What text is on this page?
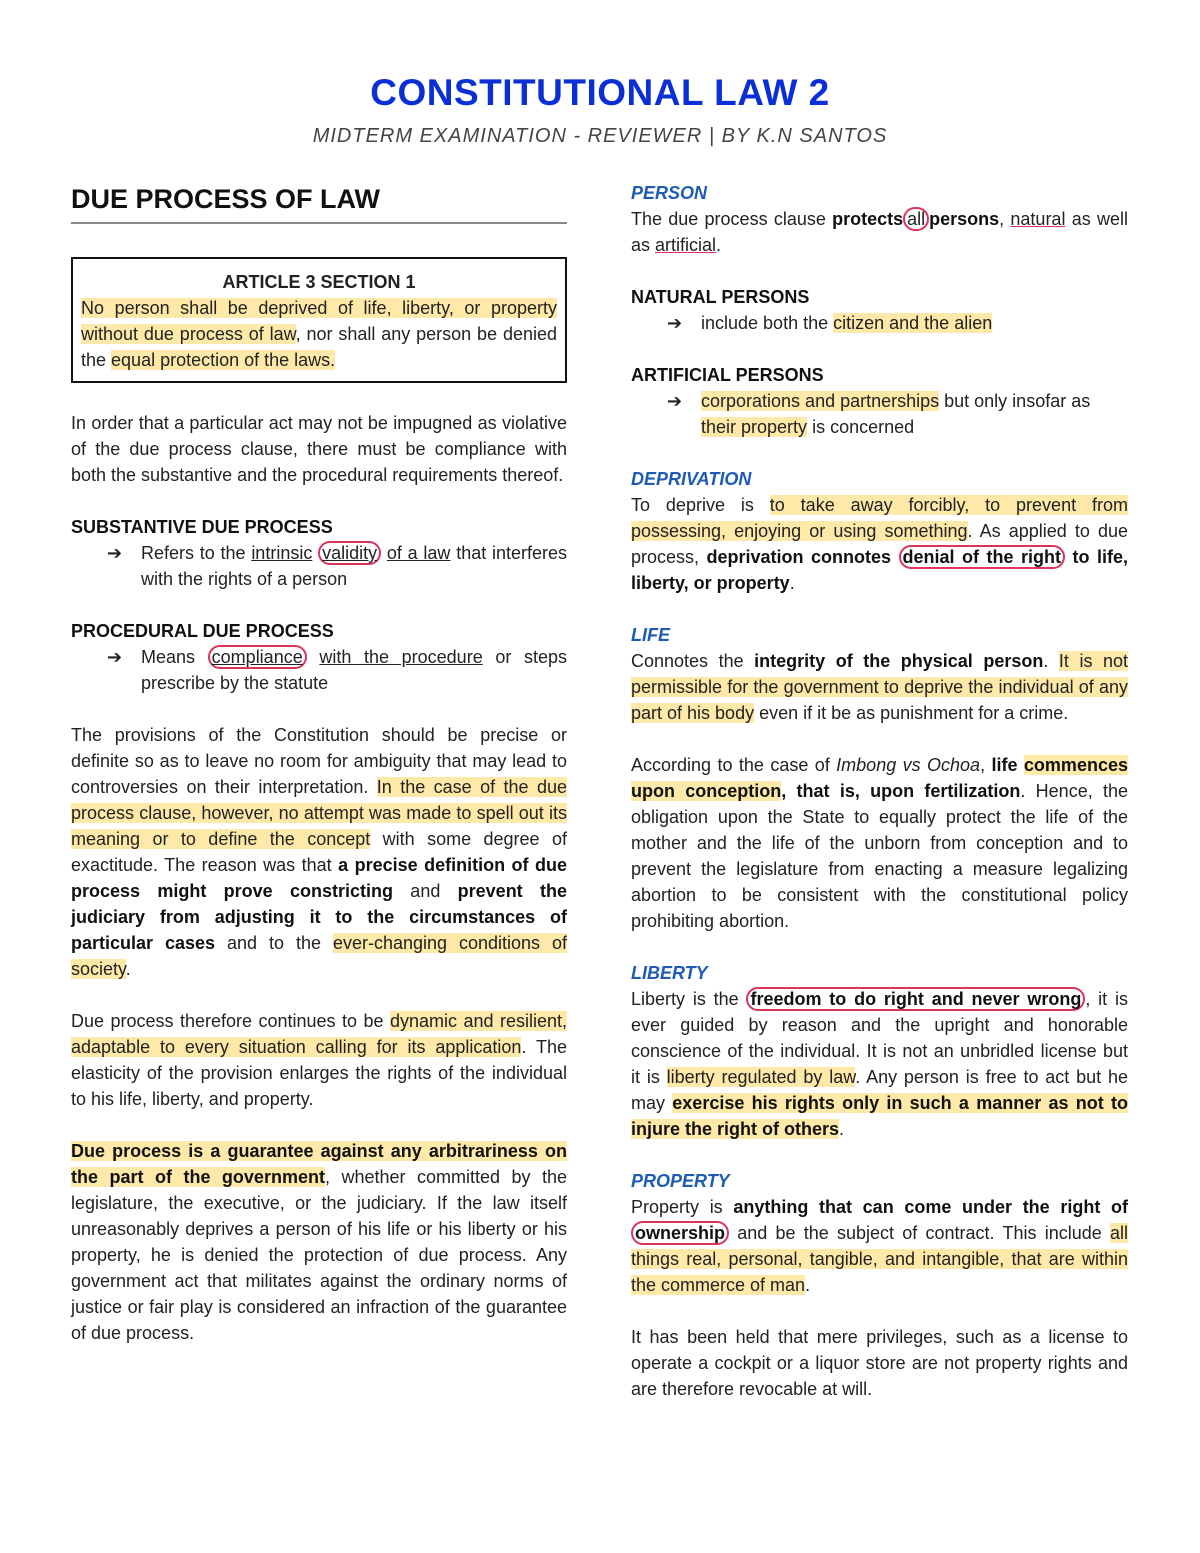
CONSTITUTIONAL LAW 2
MIDTERM EXAMINATION - REVIEWER | BY K.N SANTOS
DUE PROCESS OF LAW
ARTICLE 3 SECTION 1

No person shall be deprived of life, liberty, or property without due process of law, nor shall any person be denied the equal protection of the laws.

In order that a particular act may not be impugned as violative of the due process clause, there must be compliance with both the substantive and the procedural requirements thereof.

SUBSTANTIVE DUE PROCESS

➔	Refers to the intrinsic validity of a law that interferes with the rights of a person

PROCEDURAL DUE PROCESS

➔	Means compliance with the procedure or steps prescribe by the statute

The provisions of the Constitution should be precise or definite so as to leave no room for ambiguity that may lead to controversies on their interpretation. In the case of the due process clause, however, no attempt was made to spell out its meaning or to define the concept with some degree of exactitude. The reason was that a precise definition of due process might prove constricting and prevent the judiciary from adjusting it to the circumstances of particular cases and to the ever-changing conditions of society.

Due process therefore continues to be dynamic and resilient, adaptable to every situation calling for its application. The elasticity of the provision enlarges the rights of the individual to his life, liberty, and property.

Due process is a guarantee against any arbitrariness on the part of the government, whether committed by the legislature, the executive, or the judiciary. If the law itself unreasonably deprives a person of his life or his liberty or his property, he is denied the protection of due process. Any government act that militates against the ordinary norms of justice or fair play is considered an infraction of the guarantee of due process.

PERSON

The due process clause protects all persons, natural as well as artificial.

NATURAL PERSONS

➔	include both the citizen and the alien

ARTIFICIAL PERSONS

➔	corporations and partnerships but only insofar as their property is concerned

DEPRIVATION

To deprive is to take away forcibly, to prevent from possessing, enjoying or using something. As applied to due process, deprivation connotes denial of the right to life, liberty, or property.

LIFE

Connotes the integrity of the physical person. It is not permissible for the government to deprive the individual of any part of his body even if it be as punishment for a crime.

According to the case of Imbong vs Ochoa, life commences upon conception, that is, upon fertilization. Hence, the obligation upon the State to equally protect the life of the mother and the life of the unborn from conception and to prevent the legislature from enacting a measure legalizing abortion to be consistent with the constitutional policy prohibiting abortion.

LIBERTY

Liberty is the freedom to do right and never wrong , it is ever guided by reason and the upright and honorable conscience of the individual. It is not an unbridled license but it is liberty regulated by law. Any person is free to act but he may exercise his rights only in such a manner as not to injure the right of others.

PROPERTY

Property is anything that can come under the right of ownership and be the subject of contract. This include all things real, personal, tangible, and intangible, that are within the commerce of man.

It has been held that mere privileges, such as a license to operate a cockpit or a liquor store are not property rights and are therefore revocable at will.
